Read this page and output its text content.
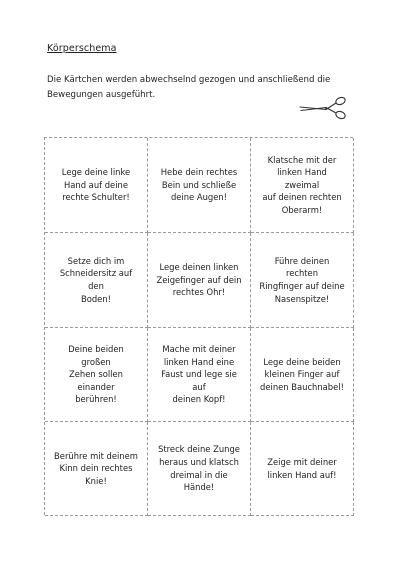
Körperschema
Die Kärtchen werden abwechselnd gezogen und anschließend die Bewegungen ausgeführt.
Lege deine linke
Hand auf deine
rechte Schulter!
Hebe dein rechtes
Bein und schließe
deine Augen!
Klatsche mit der
linken Hand zweimal
auf deinen rechten
Oberarm!
Setze dich im
Schneidersitz auf den
Boden!
Lege deinen linken
Zeigefinger auf dein
rechtes Ohr!
Führe deinen rechten
Ringfinger auf deine
Nasenspitze!
Deine beiden großen
Zehen sollen einander
berühren!
Mache mit deiner
linken Hand eine
Faust und lege sie auf
deinen Kopf!
Lege deine beiden
kleinen Finger auf
deinen Bauchnabel!
Berühre mit deinem
Kinn dein rechtes
Knie!
Streck deine Zunge
heraus und klatsch
dreimal in die Hände!
Zeige mit deiner
linken Hand auf!
